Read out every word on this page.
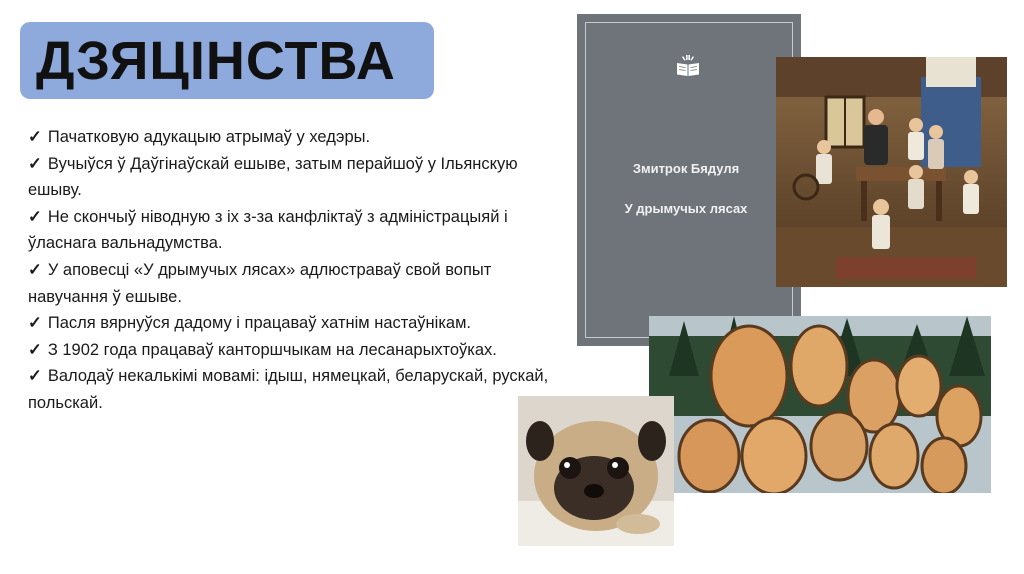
ДЗЯЦІНСТВА
✓ Пачатковую адукацыю атрымаў у хедэры.
✓ Вучыўся ў Даўгінаўскай ешыве, затым перайшоў у Ільянскую
ешыву.
✓ Не скончыў ніводную з іх з-за канфліктаў з адміністрацыяй і
ўласнага вальнадумства.
✓ У аповесці «У дрымучых лясах» адлюстраваў свой вопыт
навучання ў ешыве.
✓ Пасля вярнуўся дадому і працаваў хатнім настаўнікам.
✓ З 1902 года працаваў канторшчыкам на лесанарыхтоўках.
✓ Валодаў некалькімі мовамі: ідыш, нямецкай, беларускай, рускай,
польскай.
Змитрок Бядуля
У дрымучых лясах
